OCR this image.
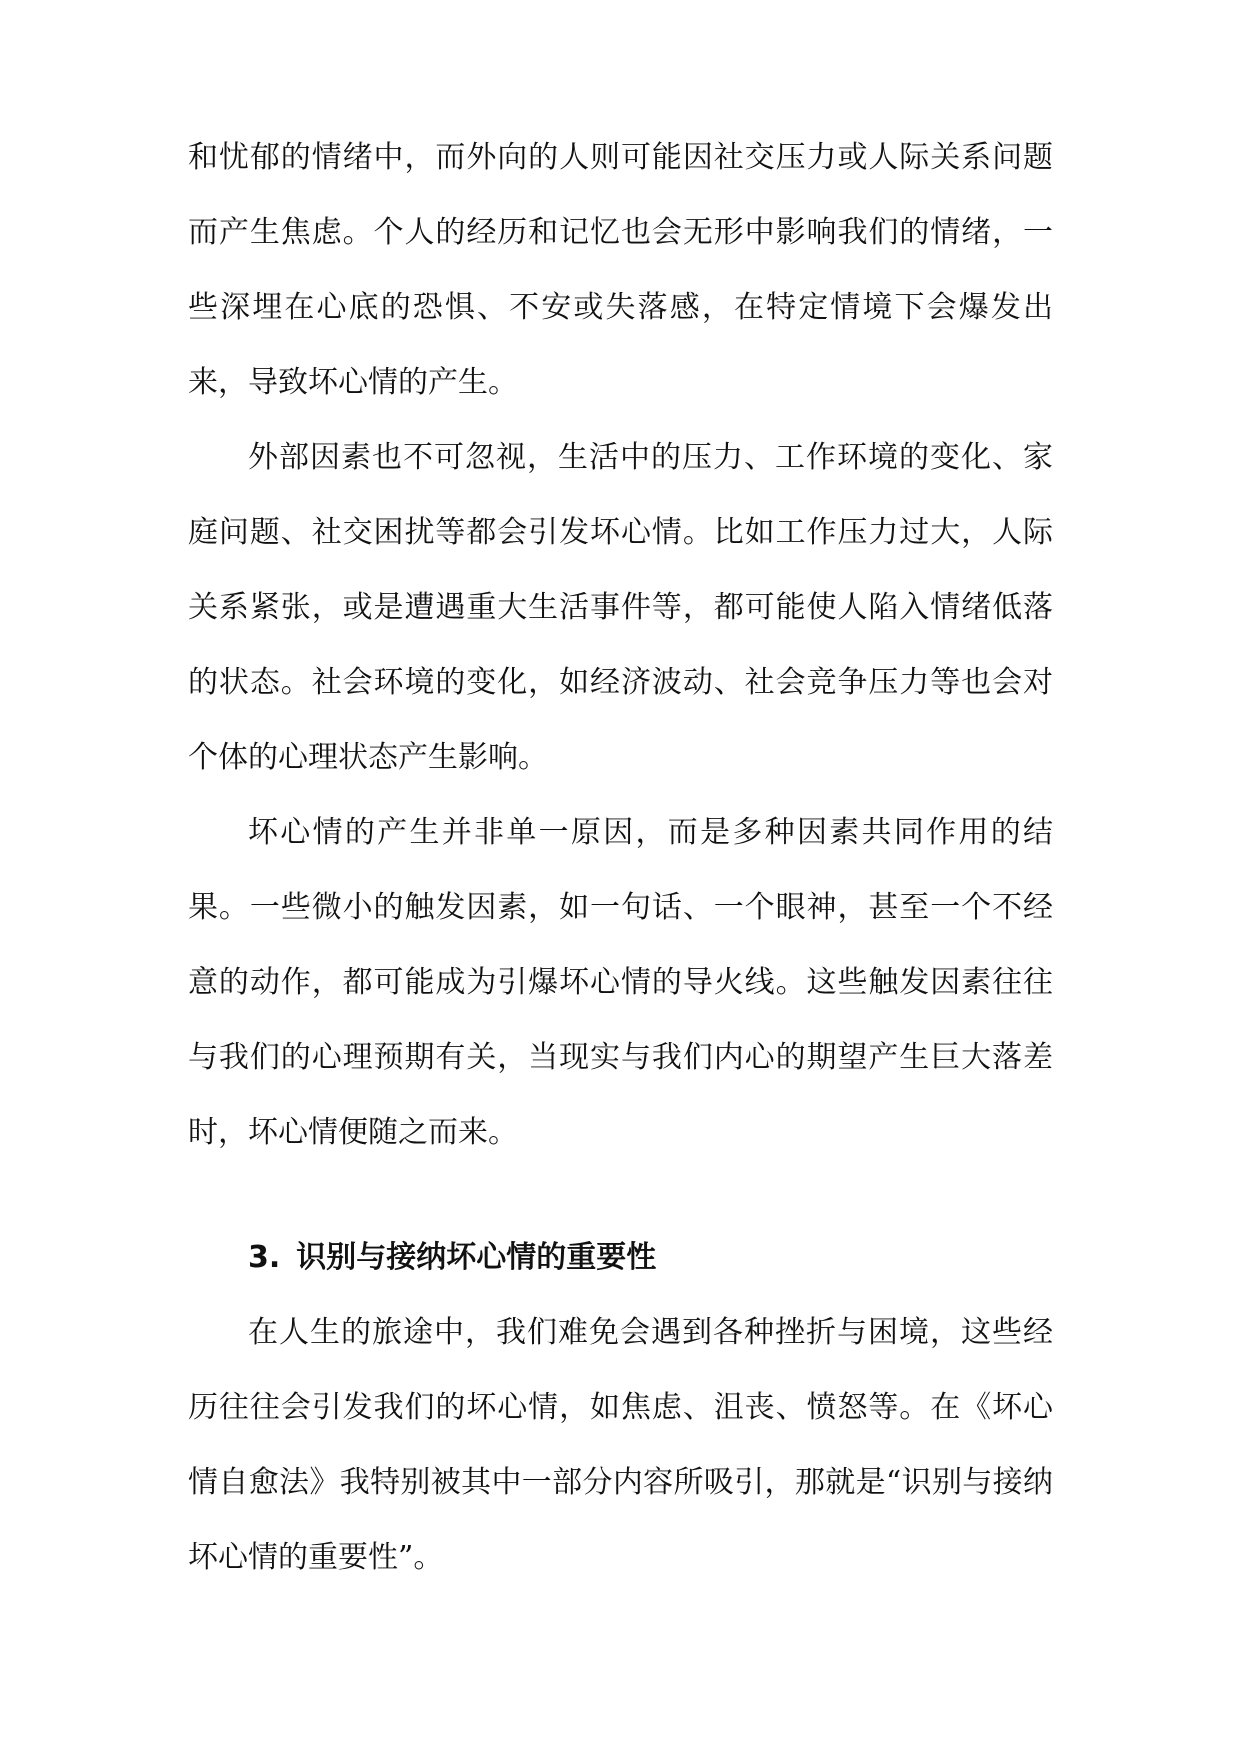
和忧郁的情绪中，而外向的人则可能因社交压力或人际关系问题而产生焦虑。个人的经历和记忆也会无形中影响我们的情绪，一些深埋在心底的恐惧、不安或失落感，在特定情境下会爆发出来，导致坏心情的产生。

外部因素也不可忽视，生活中的压力、工作环境的变化、家庭问题、社交困扰等都会引发坏心情。比如工作压力过大，人际关系紧张，或是遭遇重大生活事件等，都可能使人陷入情绪低落的状态。社会环境的变化，如经济波动、社会竞争压力等也会对个体的心理状态产生影响。

坏心情的产生并非单一原因，而是多种因素共同作用的结果。一些微小的触发因素，如一句话、一个眼神，甚至一个不经意的动作，都可能成为引爆坏心情的导火线。这些触发因素往往与我们的心理预期有关，当现实与我们内心的期望产生巨大落差时，坏心情便随之而来。

3. 识别与接纳坏心情的重要性

在人生的旅途中，我们难免会遇到各种挫折与困境，这些经历往往会引发我们的坏心情，如焦虑、沮丧、愤怒等。在《坏心情自愈法》我特别被其中一部分内容所吸引，那就是“识别与接纳坏心情的重要性”。
